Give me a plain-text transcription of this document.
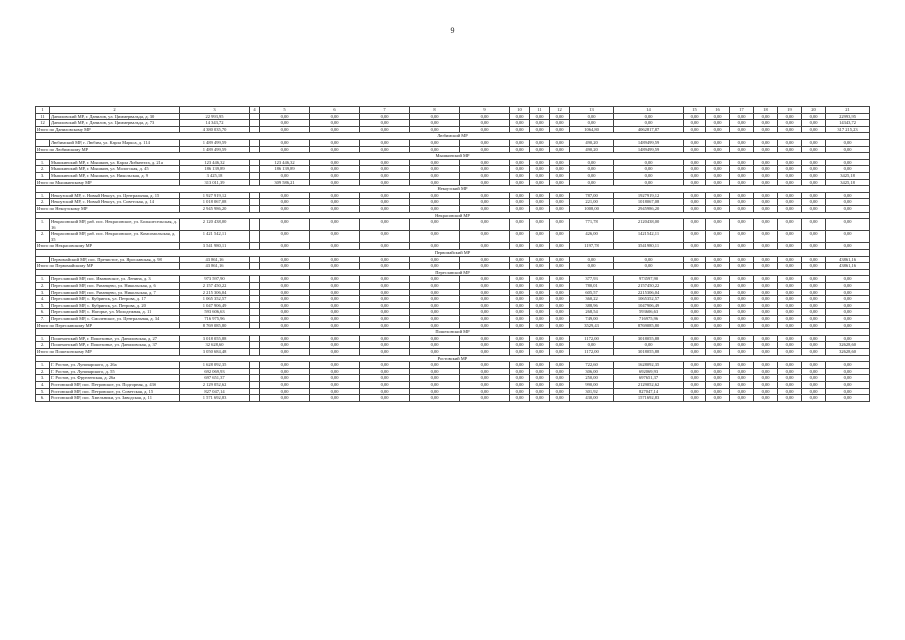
9
1	2	3	4	5	6	7	8	9	10	11	12	13	14	15	16	17	18	19	20	21
11	Даниловский МР, г. Данилов, ул. Циммервальда, д. 30	22 993,95		0,00	0,00	0,00	0,00	0,00	0,00	0,00	0,00	0,00	0,00	0,00	0,00	0,00	0,00	0,00	0,00	22993,95
12	Даниловский МР, г. Данилов, ул. Циммервальда, д. 73	14 343,72		0,00	0,00	0,00	0,00	0,00	0,00	0,00	0,00	0,00	0,00	0,00	0,00	0,00	0,00	0,00	0,00	14343,72
Итого по Даниловскому МР		4 380 035,70		0,00	0,00	0,00	0,00	0,00	0,00	0,00	0,00	1064,80	4062817,87	0,00	0,00	0,00	0,00	0,00	0,00	317 215,23
Любимский МР																				
	Любимский МР, г. Любим, ул. Карла Маркса, д. 114	1 489 499,59		0,00	0,00	0,00	0,00	0,00	0,00	0,00	0,00	490,20	1489499,59	0,00	0,00	0,00	0,00	0,00	0,00	0,00
Итого по Любимскому МР		1 489 499,59		0,00	0,00	0,00	0,00	0,00	0,00	0,00	0,00	490,20	1489499,59	0,00	0,00	0,00	0,00	0,00	0,00	0,00
Мышкинский МР																				
1.	Мышкинский МР, г. Мышкин, ул. Карла Либкнехта, д. 21а	123 446,32		123 446,32	0,00	0,00	0,00	0,00	0,00	0,00	0,00	0,00	0,00	0,00	0,00	0,00	0,00	0,00	0,00	0,00
2.	Мышкинский МР, г. Мышкин, ул. Мологская, д. 45	186 139,89		186 139,89	0,00	0,00	0,00	0,00	0,00	0,00	0,00	0,00	0,00	0,00	0,00	0,00	0,00	0,00	0,00	0,00
3.	Мышкинский МР, г. Мышкин, ул. Никольская, д. 9	3 425,18		0,00	0,00	0,00	0,00	0,00	0,00	0,00	0,00	0,00	0,00	0,00	0,00	0,00	0,00	0,00	0,00	3425,18
Итого по Мышкинскому МР		313 011,39		309 586,21	0,00	0,00	0,00	0,00	0,00	0,00	0,00	0,00	0,00	0,00	0,00	0,00	0,00	0,00	0,00	3425,18
Некоузский МР																				
1.	Некоузский МР, с. Новый Некоуз, ул. Центральная, д. 15	1 927 919,12		0,00	0,00	0,00	0,00	0,00	0,00	0,00	0,00	787,00	1927919,12	0,00	0,00	0,00	0,00	0,00	0,00	0,00
2.	Некоузский МР, с. Новый Некоуз, ул. Советская, д. 14	1 018 067,08		0,00	0,00	0,00	0,00	0,00	0,00	0,00	0,00	221,00	1018067,08	0,00	0,00	0,00	0,00	0,00	0,00	0,00
Итого по Некоузскому МР		2 945 986,20		0,00	0,00	0,00	0,00	0,00	0,00	0,00	0,00	1008,00	2945986,20	0,00	0,00	0,00	0,00	0,00	0,00	0,00
Некрасовский МР																				
1.	Некрасовский МР, раб. пос. Некрасовское, ул. Большесельская, д. 16	2 120 438,00		0,00	0,00	0,00	0,00	0,00	0,00	0,00	0,00	771,78	2120438,00	0,00	0,00	0,00	0,00	0,00	0,00	0,00
2.	Некрасовский МР, раб. пос. Некрасовское, ул. Комсомольская, д. 35	1 421 542,11		0,00	0,00	0,00	0,00	0,00	0,00	0,00	0,00	426,00	1421542,11	0,00	0,00	0,00	0,00	0,00	0,00	0,00
Итого по Некрасовскому МР		3 541 980,11		0,00	0,00	0,00	0,00	0,00	0,00	0,00	0,00	1197,78	3541980,11	0,00	0,00	0,00	0,00	0,00	0,00	0,00
Первомайский МР																				
	Первомайский МР, пос. Пречистое, ул. Ярославская, д. 98	43 861,16		0,00	0,00	0,00	0,00	0,00	0,00	0,00	0,00	0,00	0,00	0,00	0,00	0,00	0,00	0,00	0,00	43861,16
Итого по Первомайскому МР		43 861,16		0,00	0,00	0,00	0,00	0,00	0,00	0,00	0,00	0,00	0,00	0,00	0,00	0,00	0,00	0,00	0,00	43861,16
Переславский МР																				
1.	Переславский МР, пос. Ивановское, ул. Ленина, д. 3	973 597,90		0,00	0,00	0,00	0,00	0,00	0,00	0,00	0,00	377,93	973597,90	0,00	0,00	0,00	0,00	0,00	0,00	0,00
2.	Переславский МР, пос. Рязанцево, ул. Никольская, д. 6	2 157 450,22		0,00	0,00	0,00	0,00	0,00	0,00	0,00	0,00	780,01	2157450,22	0,00	0,00	0,00	0,00	0,00	0,00	0,00
3.	Переславский МР, пос. Рязанцево, ул. Никольская, д. 7	2 215 306,04		0,00	0,00	0,00	0,00	0,00	0,00	0,00	0,00	605,57	2215306,04	0,00	0,00	0,00	0,00	0,00	0,00	0,00
4.	Переславский МР, с. Кубринск, ул. Петрова, д. 17	1 065 352,57		0,00	0,00	0,00	0,00	0,00	0,00	0,00	0,00	360,22	1065352,57	0,00	0,00	0,00	0,00	0,00	0,00	0,00
5.	Переславский МР, с. Кубринск, ул. Петрова, д. 20	1 047 906,49		0,00	0,00	0,00	0,00	0,00	0,00	0,00	0,00	388,96	1047906,49	0,00	0,00	0,00	0,00	0,00	0,00	0,00
6.	Переславский МР, с. Нагорье, ул. Молодежная, д. 11	593 606,63		0,00	0,00	0,00	0,00	0,00	0,00	0,00	0,00	268,54	593606,63	0,00	0,00	0,00	0,00	0,00	0,00	0,00
7.	Переславский МР, с. Смоленское, ул. Центральная, д. 34	716 975,96		0,00	0,00	0,00	0,00	0,00	0,00	0,00	0,00	749,00	716975,96	0,00	0,00	0,00	0,00	0,00	0,00	0,00
Итого по Переславскому МР		8 769 085,80		0,00	0,00	0,00	0,00	0,00	0,00	0,00	0,00	3529,43	8769085,80	0,00	0,00	0,00	0,00	0,00	0,00	0,00
Пошехонский МР																				
1.	Пошехонский МР, г. Пошехонье, ул. Даниловская, д. 27	3 018 055,88		0,00	0,00	0,00	0,00	0,00	0,00	0,00	0,00	1172,00	3018055,88	0,00	0,00	0,00	0,00	0,00	0,00	0,00
2.	Пошехонский МР, г. Пошехонье, ул. Даниловская, д. 37	32 628,60		0,00	0,00	0,00	0,00	0,00	0,00	0,00	0,00	0,00	0,00	0,00	0,00	0,00	0,00	0,00	0,00	32628,60
Итого по Пошехонскому МР		3 050 684,48		0,00	0,00	0,00	0,00	0,00	0,00	0,00	0,00	1172,00	3018055,88	0,00	0,00	0,00	0,00	0,00	0,00	32628,60
Ростовский МР																				
1.	Г. Ростов, ул. Луначарского, д. 26а	1 628 092,35		0,00	0,00	0,00	0,00	0,00	0,00	0,00	0,00	722,60	1628092,35	0,00	0,00	0,00	0,00	0,00	0,00	0,00
2.	Г. Ростов, ул. Луначарского, д. 55	692 069,93		0,00	0,00	0,00	0,00	0,00	0,00	0,00	0,00	306,00	692069,93	0,00	0,00	0,00	0,00	0,00	0,00	0,00
3.	Г. Ростов, ул. Фрунзенская, д. 26а	697 651,37		0,00	0,00	0,00	0,00	0,00	0,00	0,00	0,00	250,00	697651,37	0,00	0,00	0,00	0,00	0,00	0,00	0,00
4.	Ростовский МР, пос. Петровское, ул. Подгорная, д. 43б	2 129 052,62		0,00	0,00	0,00	0,00	0,00	0,00	0,00	0,00	990,00	2129052,62	0,00	0,00	0,00	0,00	0,00	0,00	0,00
5.	Ростовский МР, пос. Петровское, ул. Советская, д. 15	827 047,14		0,00	0,00	0,00	0,00	0,00	0,00	0,00	0,00	301,92	827047,14	0,00	0,00	0,00	0,00	0,00	0,00	0,00
6.	Ростовский МР, пос. Хмельники, ул. Заводская, д. 11	1 571 692,83		0,00	0,00	0,00	0,00	0,00	0,00	0,00	0,00	430,00	1571692,83	0,00	0,00	0,00	0,00	0,00	0,00	0,00
